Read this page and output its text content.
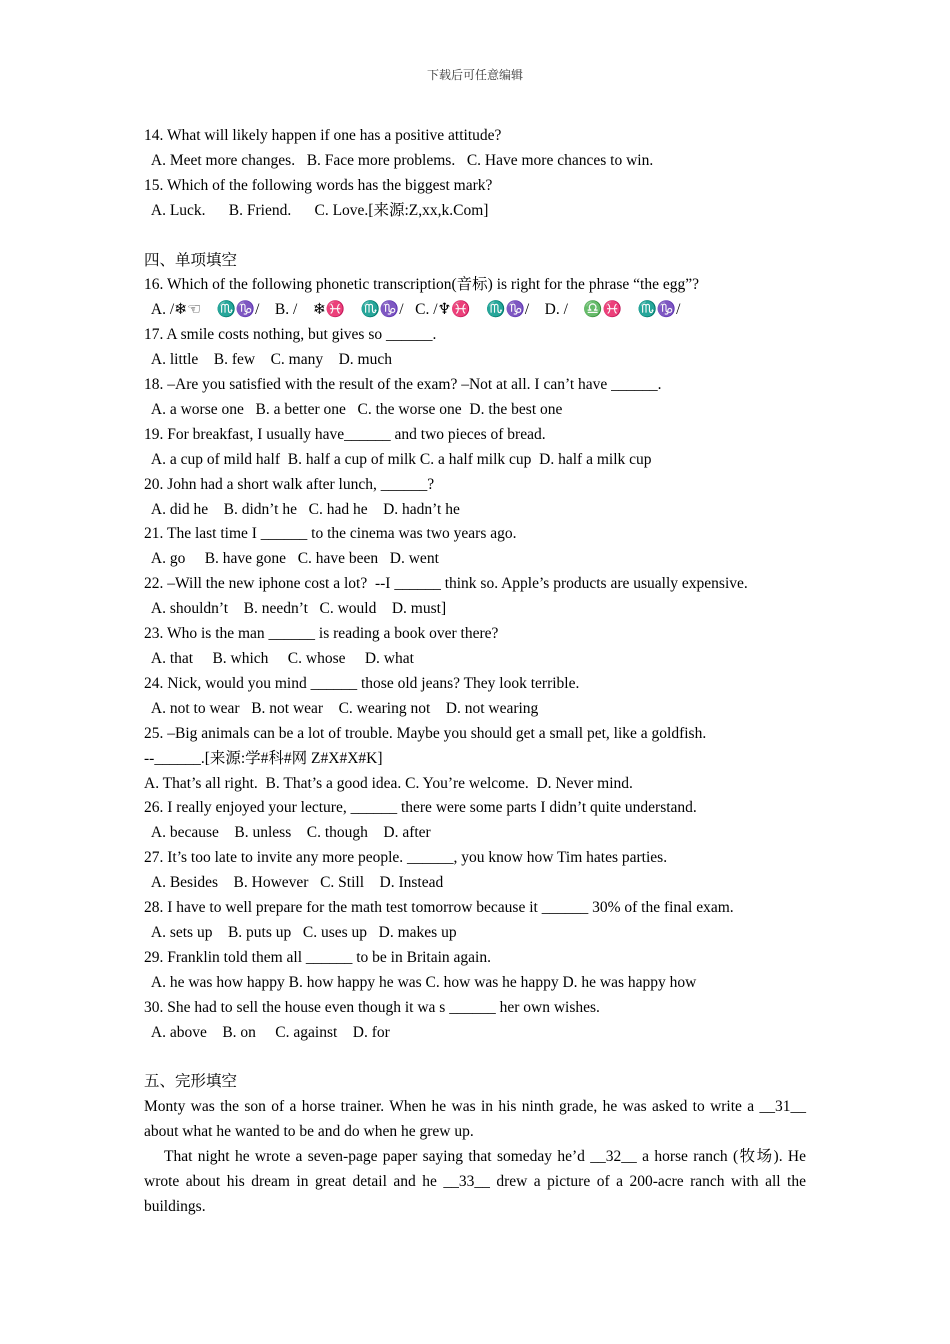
下载后可任意编辑
14. What will likely happen if one has a positive attitude?
A. Meet more changes.   B. Face more problems.   C. Have more chances to win.
15. Which of the following words has the biggest mark?
A. Luck.      B. Friend.      C. Love.[来源:Z,xx,k.Com]
四、单项填空
16. Which of the following phonetic transcription(音标) is right for the phrase “the egg”?
A. /❄☜    ♏♑/    B. /    ❄♓    ♏♑/   C. /♆♓    ♏♑/    D. /    ♎♓    ♏♑/
17. A smile costs nothing, but gives so ______.
A. little    B. few    C. many    D. much
18. –Are you satisfied with the result of the exam? –Not at all. I can’t have ______.
A. a worse one   B. a better one   C. the worse one  D. the best one
19. For breakfast, I usually have______ and two pieces of bread.
A. a cup of mild half  B. half a cup of milk C. a half milk cup  D. half a milk cup
20. John had a short walk after lunch, ______?
A. did he    B. didn’t he   C. had he    D. hadn’t he
21. The last time I ______ to the cinema was two years ago.
A. go     B. have gone   C. have been   D. went
22. –Will the new iphone cost a lot?  --I ______ think so. Apple’s products are usually expensive.
A. shouldn’t    B. needn’t   C. would    D. must]
23. Who is the man ______ is reading a book over there?
A. that     B. which     C. whose     D. what
24. Nick, would you mind ______ those old jeans? They look terrible.
A. not to wear   B. not wear    C. wearing not    D. not wearing
25. –Big animals can be a lot of trouble. Maybe you should get a small pet, like a goldfish.
--______.[来源:学#科#网 Z#X#X#K]
A. That’s all right.  B. That’s a good idea. C. You’re welcome.  D. Never mind.
26. I really enjoyed your lecture, ______ there were some parts I didn’t quite understand.
A. because    B. unless    C. though    D. after
27. It’s too late to invite any more people. ______, you know how Tim hates parties.
A. Besides    B. However   C. Still    D. Instead
28. I have to well prepare for the math test tomorrow because it ______ 30% of the final exam.
A. sets up    B. puts up   C. uses up   D. makes up
29. Franklin told them all ______ to be in Britain again.
A. he was how happy B. how happy he was C. how was he happy D. he was happy how
30. She had to sell the house even though it wa s ______ her own wishes.
A. above    B. on     C. against    D. for
五、完形填空
Monty was the son of a horse trainer. When he was in his ninth grade, he was asked to write a __31__ about what he wanted to be and do when he grew up.
That night he wrote a seven-page paper saying that someday he’d __32__ a horse ranch (牧场). He wrote about his dream in great detail and he __33__ drew a picture of a 200-acre ranch with all the buildings.
